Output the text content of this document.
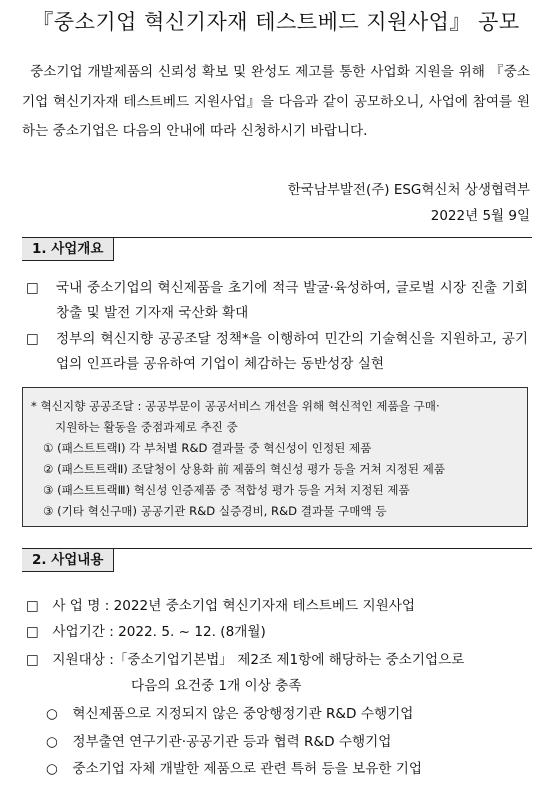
『중소기업 혁신기자재 테스트베드 지원사업』 공모
중소기업 개발제품의 신뢰성 확보 및 완성도 제고를 통한 사업화 지원을 위해 『중소기업 혁신기자재 테스트베드 지원사업』을 다음과 같이 공모하오니, 사업에 참여를 원하는 중소기업은 다음의 안내에 따라 신청하시기 바랍니다.
한국남부발전(주) ESG혁신처 상생협력부
2022년 5월 9일
1. 사업개요
□	국내 중소기업의 혁신제품을 초기에 적극 발굴·육성하여, 글로벌 시장 진출 기회 창출 및 발전 기자재 국산화 확대
□	정부의 혁신지향 공공조달 정책*을 이행하여 민간의 기술혁신을 지원하고, 공기업의 인프라를 공유하여 기업이 체감하는 동반성장 실현
* 혁신지향 공공조달 : 공공부문이 공공서비스 개선을 위해 혁신적인 제품을 구매·
지원하는 활동을 중점과제로 추진 중
① (패스트트랙Ⅰ) 각 부처별 R&D 결과물 중 혁신성이 인정된 제품
② (패스트트랙Ⅱ) 조달청이 상용화 前 제품의 혁신성 평가 등을 거쳐 지정된 제품
③ (패스트트랙Ⅲ) 혁신성 인증제품 중 적합성 평가 등을 거쳐 지정된 제품
③ (기타 혁신구매) 공공기관 R&D 실증경비, R&D 결과물 구매액 등
2. 사업내용
□ 사 업 명 : 2022년 중소기업 혁신기자재 테스트베드 지원사업
□ 사업기간 : 2022. 5. ~ 12. (8개월)
□ 지원대상 :「중소기업기본법」 제2조 제1항에 해당하는 중소기업으로
다음의 요건중 1개 이상 충족
○ 혁신제품으로 지정되지 않은 중앙행정기관 R&D 수행기업
○ 정부출연 연구기관·공공기관 등과 협력 R&D 수행기업
○ 중소기업 자체 개발한 제품으로 관련 특허 등을 보유한 기업
